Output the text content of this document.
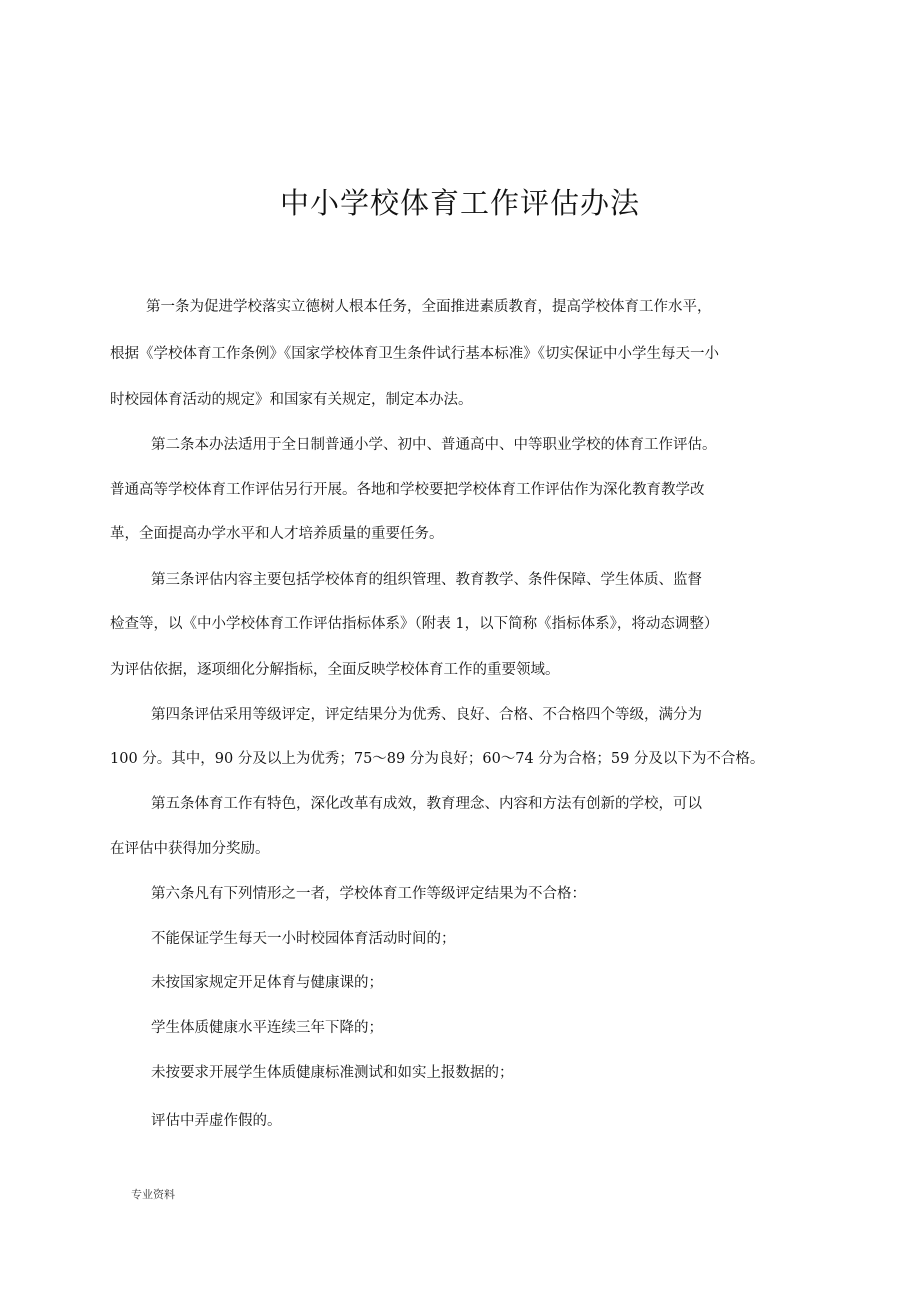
中小学校体育工作评估办法
第一条为促进学校落实立德树人根本任务，全面推进素质教育，提高学校体育工作水平，
根据《学校体育工作条例》《国家学校体育卫生条件试行基本标准》《切实保证中小学生每天一小
时校园体育活动的规定》和国家有关规定，制定本办法。
第二条本办法适用于全日制普通小学、初中、普通高中、中等职业学校的体育工作评估。
普通高等学校体育工作评估另行开展。各地和学校要把学校体育工作评估作为深化教育教学改
革，全面提高办学水平和人才培养质量的重要任务。
第三条评估内容主要包括学校体育的组织管理、教育教学、条件保障、学生体质、监督
检查等，以《中小学校体育工作评估指标体系》（附表 1，以下简称《指标体系》，将动态调整）
为评估依据，逐项细化分解指标，全面反映学校体育工作的重要领域。
第四条评估采用等级评定，评定结果分为优秀、良好、合格、不合格四个等级，满分为
100 分。其中，90 分及以上为优秀；75～89 分为良好；60～74 分为合格；59 分及以下为不合格。
第五条体育工作有特色，深化改革有成效，教育理念、内容和方法有创新的学校，可以
在评估中获得加分奖励。
第六条凡有下列情形之一者，学校体育工作等级评定结果为不合格：
不能保证学生每天一小时校园体育活动时间的；
未按国家规定开足体育与健康课的；
学生体质健康水平连续三年下降的；
未按要求开展学生体质健康标准测试和如实上报数据的；
评估中弄虚作假的。
专业资料
